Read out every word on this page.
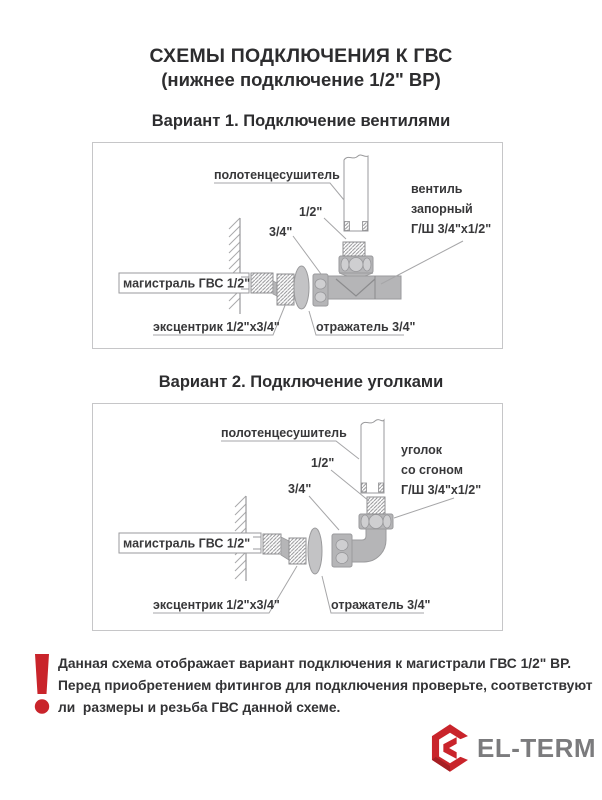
СХЕМЫ ПОДКЛЮЧЕНИЯ К ГВС
(нижнее подключение 1/2" ВР)
Вариант 1. Подключение вентилями
полотенцесушитель
вентиль
запорный
Г/Ш 3/4"x1/2"
1/2"
3/4"
магистраль ГВС 1/2"
эксцентрик 1/2"x3/4"	отражатель 3/4"
Вариант 2. Подключение уголками
полотенцесушитель
уголок
со сгоном
Г/Ш 3/4"x1/2"
1/2"
3/4"
магистраль ГВС 1/2"
эксцентрик 1/2"x3/4"	отражатель 3/4"
Данная схема отображает вариант подключения к магистрали ГВС 1/2" ВР.
Перед приобретением фитингов для подключения проверьте, соответствуют
ли  размеры и резьба ГВС данной схеме.
EL-TERM
